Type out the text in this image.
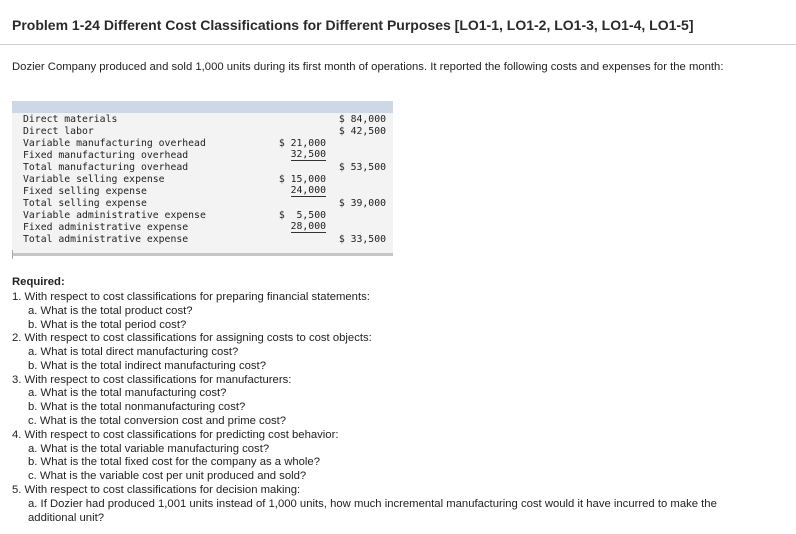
Problem 1-24 Different Cost Classifications for Different Purposes [LO1-1, LO1-2, LO1-3, LO1-4, LO1-5]
Dozier Company produced and sold 1,000 units during its first month of operations. It reported the following costs and expenses for the month:
Direct materials
Direct labor
Variable manufacturing overhead
Fixed manufacturing overhead
Total manufacturing overhead
Variable selling expense
Fixed selling expense
Total selling expense
Variable administrative expense
Fixed administrative expense
Total administrative expense
$ 21,000
32,500
$ 15,000
24,000
$  5,500
28,000
$ 84,000
$ 42,500
$ 53,500
$ 39,000
$ 33,500
Required:
1. With respect to cost classifications for preparing financial statements:
a. What is the total product cost?
b. What is the total period cost?
2. With respect to cost classifications for assigning costs to cost objects:
a. What is total direct manufacturing cost?
b. What is the total indirect manufacturing cost?
3. With respect to cost classifications for manufacturers:
a. What is the total manufacturing cost?
b. What is the total nonmanufacturing cost?
c. What is the total conversion cost and prime cost?
4. With respect to cost classifications for predicting cost behavior:
a. What is the total variable manufacturing cost?
b. What is the total fixed cost for the company as a whole?
c. What is the variable cost per unit produced and sold?
5. With respect to cost classifications for decision making:
a. If Dozier had produced 1,001 units instead of 1,000 units, how much incremental manufacturing cost would it have incurred to make the additional unit?
